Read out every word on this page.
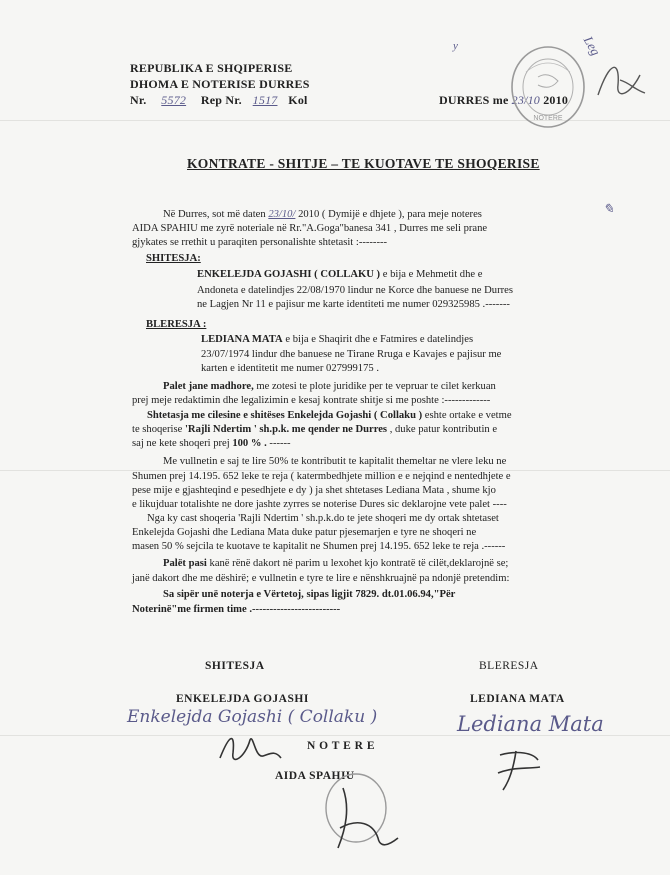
REPUBLIKA E SHQIPERISE
DHOMA E NOTERISE DURRES
Nr. 5572 Rep Nr. 1517 Kol	DURRES me 23/10 2010
y	Leg
NOTERE
KONTRATE - SHITJE – TE KUOTAVE TE SHOQERISE
Në Durres, sot më daten 23/10/ 2010 ( Dymijë e dhjete ), para meje noteres	✎
AIDA SPAHIU me zyrë noteriale në Rr."A.Goga"banesa 341 , Durres me seli prane
gjykates se rrethit u paraqiten personalishte shtetasit :--------
SHITESJA:
ENKELEJDA GOJASHI ( COLLAKU ) e bija e Mehmetit dhe e
Andoneta e datelindjes 22/08/1970 lindur ne Korce dhe banuese ne Durres
ne Lagjen Nr 11 e pajisur me karte identiteti me numer 029325985 .-------
BLERESJA :
LEDIANA MATA e bija e Shaqirit dhe e Fatmires e datelindjes
23/07/1974 lindur dhe banuese ne Tirane Rruga e Kavajes e pajisur me
karten e identitetit me numer 027999175 .
Palet jane madhore, me zotesi te plote juridike per te vepruar te cilet kerkuan
prej meje redaktimin dhe legalizimin e kesaj kontrate shitje si me poshte :-------------
Shtetasja me cilesine e shitëses Enkelejda Gojashi ( Collaku ) eshte ortake e vetme
te shoqerise 'Rajli Ndertim ' sh.p.k. me qender ne Durres , duke patur kontributin e
saj ne kete shoqeri prej 100 % . ------
Me vullnetin e saj te lire 50% te kontributit te kapitalit themeltar ne vlere leku ne
Shumen prej 14.195. 652 leke te reja ( katermbedhjete million e e nejqind e nentedhjete e
pese mije e gjashteqind e pesedhjete e dy ) ja shet shtetases Lediana Mata , shume kjo
e likujduar totalishte ne dore jashte zyrres se noterise Dures sic deklarojne vete palet ----
Nga ky cast shoqeria 'Rajli Ndertim ' sh.p.k.do te jete shoqeri me dy ortak shtetaset
Enkelejda Gojashi dhe Lediana Mata duke patur pjesemarjen e tyre ne shoqeri ne
masen 50 % sejcila te kuotave te kapitalit ne Shumen prej 14.195. 652 leke te reja .------
Palët pasi kanë rënë dakort në parim u lexohet kjo kontratë të cilët,deklarojnë se;
janë dakort dhe me dëshirë; e vullnetin e tyre te lire e nënshkruajnë pa ndonjë pretendim:
Sa sipër unë noterja e Vërtetoj, sipas ligjit 7829. dt.01.06.94,"Për
Noterinë"me firmen time .-------------------------
SHITESJA	BLERESJA
ENKELEJDA GOJASHI	LEDIANA MATA
Enkelejda Gojashi ( Collaku )	Lediana Mata
N O T E R E
AIDA SPAHIU
